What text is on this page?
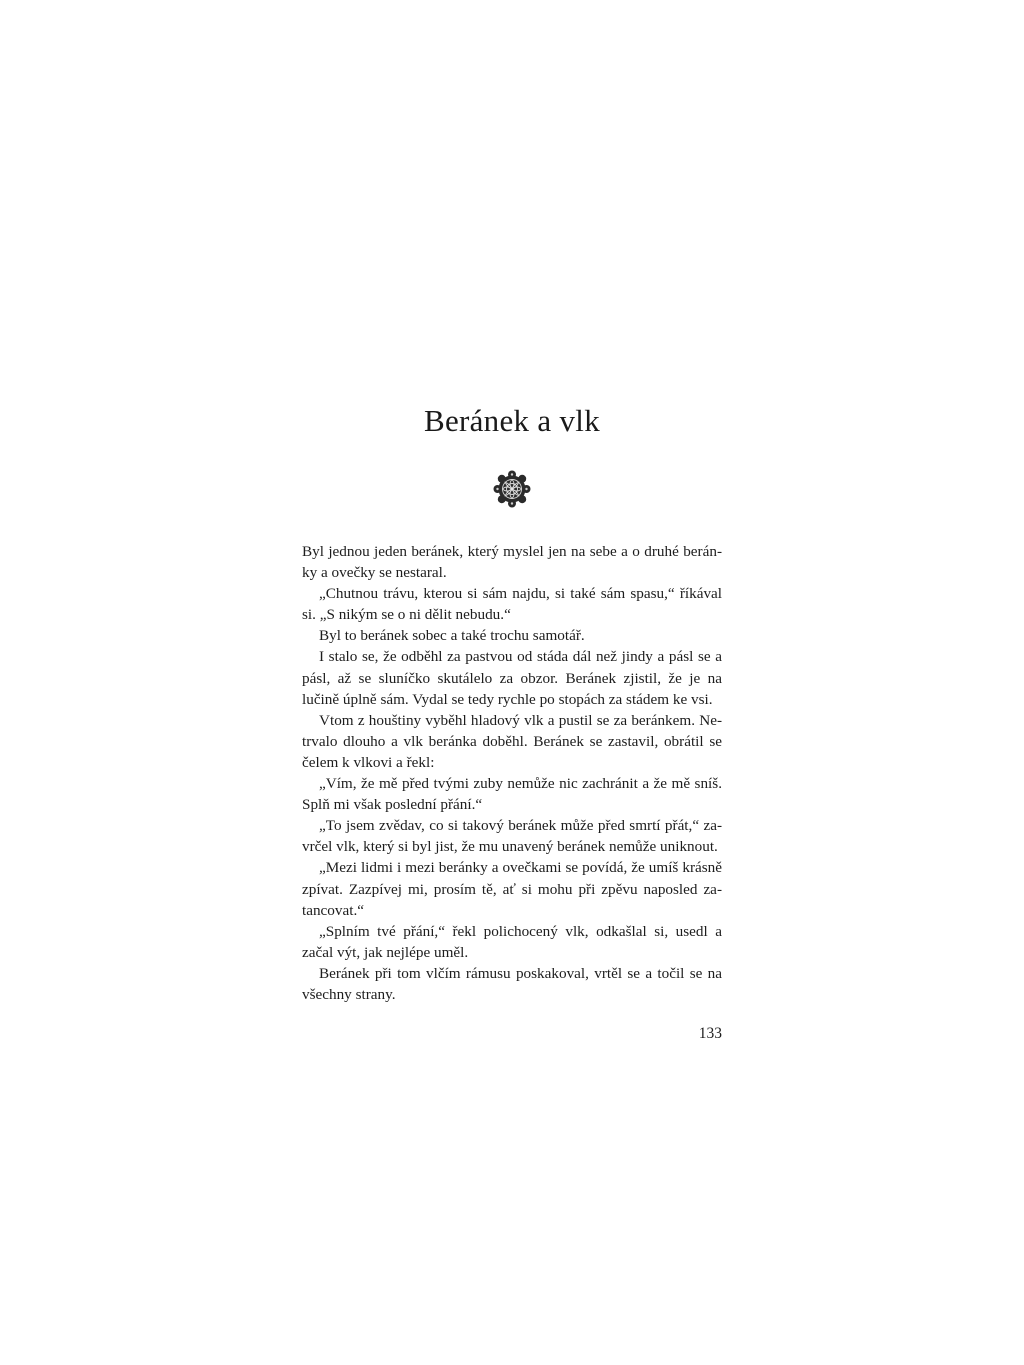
Beránek a vlk

Byl jednou jeden beránek, který myslel jen na sebe a o druhé beránky a ovečky se nestaral.

„Chutnou trávu, kterou si sám najdu, si také sám spasu,“ říkával si. „S nikým se o ni dělit nebudu.“

Byl to beránek sobec a také trochu samotář.

I stalo se, že odběhl za pastvou od stáda dál než jindy a pásl se a pásl, až se sluníčko skutálelo za obzor. Beránek zjistil, že je na lučině úplně sám. Vydal se tedy rychle po stopách za stádem ke vsi.

Vtom z houštiny vyběhl hladový vlk a pustil se za beránkem. Netrvalo dlouho a vlk beránka doběhl. Beránek se zastavil, obrátil se čelem k vlkovi a řekl:

„Vím, že mě před tvými zuby nemůže nic zachránit a že mě sníš. Splň mi však poslední přání.“

„To jsem zvědav, co si takový beránek může před smrtí přát,“ zavrčel vlk, který si byl jist, že mu unavený beránek nemůže uniknout.

„Mezi lidmi i mezi beránky a ovečkami se povídá, že umíš krásně zpívat. Zazpívej mi, prosím tě, ať si mohu při zpěvu naposled zatancovat.“

„Splním tvé přání,“ řekl polichocený vlk, odkašlal si, usedl a začal výt, jak nejlépe uměl.

Beránek při tom vlčím rámusu poskakoval, vrtěl se a točil se na všechny strany.

133
